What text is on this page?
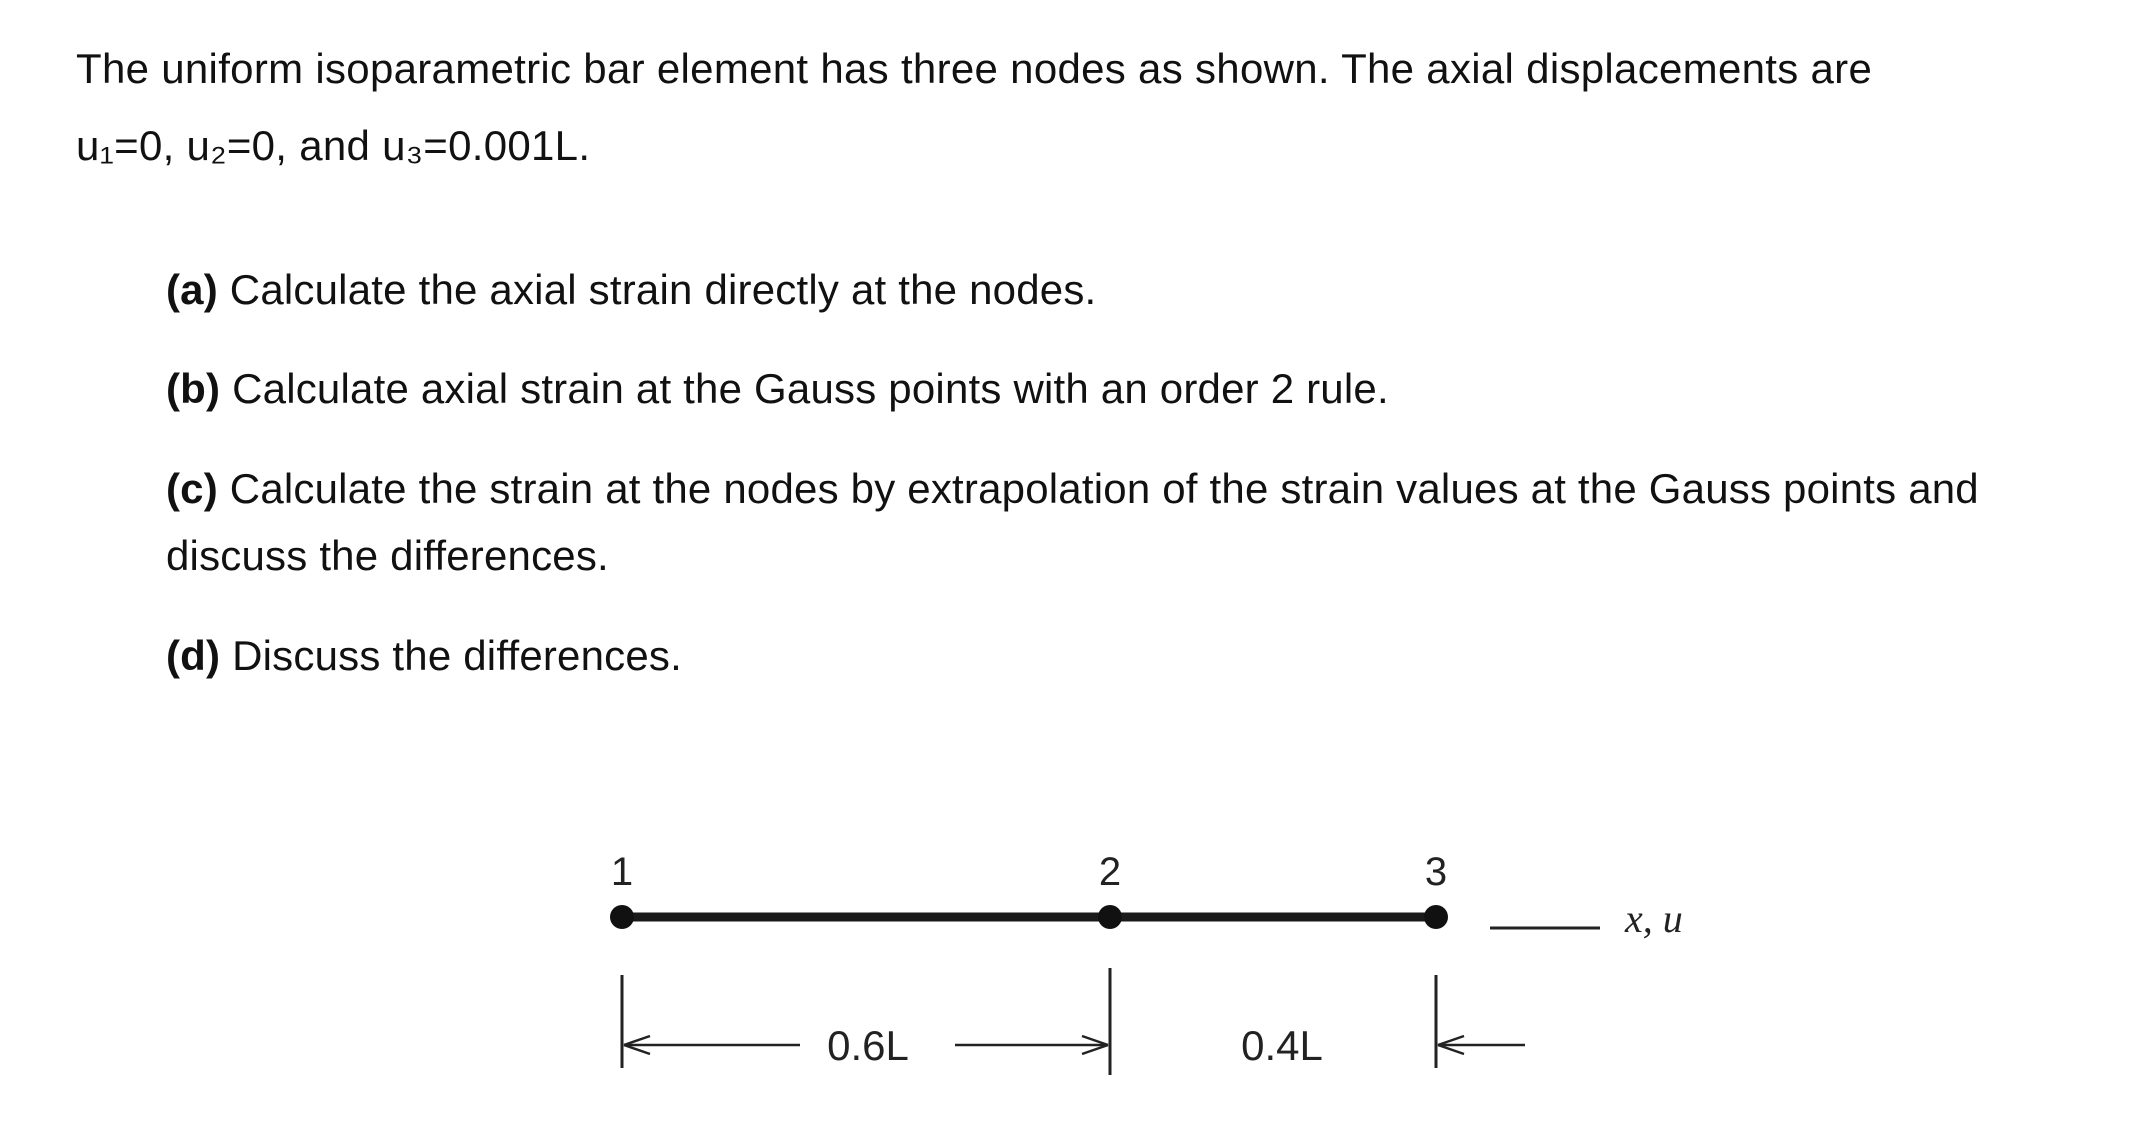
The uniform isoparametric bar element has three nodes as shown. The axial displacements are
u₁=0, u₂=0, and u₃=0.001L.
(a) Calculate the axial strain directly at the nodes.
(b) Calculate axial strain at the Gauss points with an order 2 rule.
(c) Calculate the strain at the nodes by extrapolation of the strain values at the Gauss points and discuss the differences.
(d) Discuss the differences.
1	2	3
x, u
0.6L	0.4L
